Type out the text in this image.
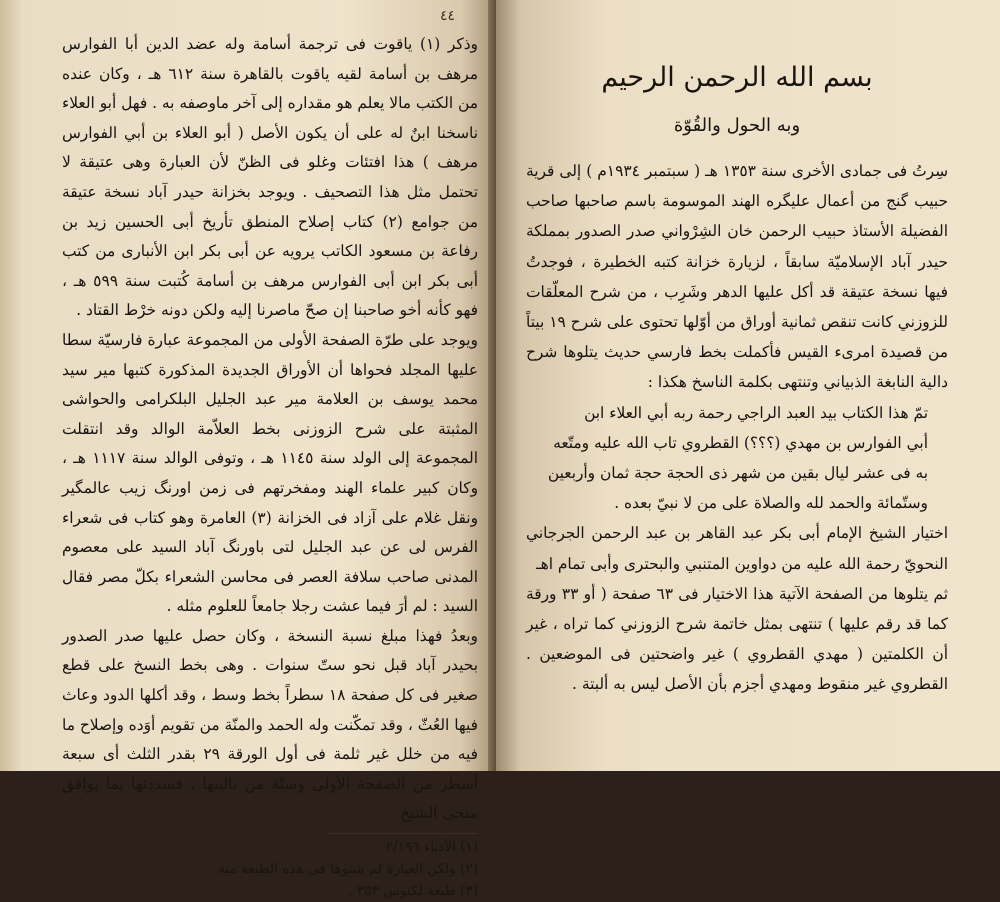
٤٤

وذكر (١) ياقوت فى ترجمة أسامة وله عضد الدين أبا الفوارس مرهف بن أسامة لقيه ياقوت بالقاهرة سنة ٦١٢ هـ ، وكان عنده من الكتب مالا يعلم هو مقداره إلى آخر ماوصفه به . فهل أبو العلاء ناسخنا ابنٌ له على أن يكون الأصل ( أبو العلاء بن أبي الفوارس مرهف ) هذا افتئات وغلو فى الظنّ لأن العبارة وهى عتيقة لا تحتمل مثل هذا التصحيف . ويوجد بخزانة حيدر آباد نسخة عتيقة من جوامع (٢) كتاب إصلاح المنطق تأريخ أبى الحسين زيد بن رفاعة بن مسعود الكاتب يرويه عن أبى بكر ابن الأنبارى من كتب أبى بكر ابن أبى الفوارس مرهف بن أسامة كُتبت سنة ٥٩٩ هـ ، فهو كأنه أخو صاحبنا إن صحّ ماصرنا إليه ولكن دونه خرْط القتاد .

ويوجد على طرّة الصفحة الأولى من المجموعة عبارة فارسيّة سطا عليها المجلد فحواها أن الأوراق الجديدة المذكورة كتبها مير سيد محمد يوسف بن العلامة مير عبد الجليل البلكرامى والحواشى المثبتة على شرح الزوزنى بخط العلاّمة الوالد وقد انتقلت المجموعة إلى الولد سنة ١١٤٥ هـ ، وتوفى الوالد سنة ١١١٧ هـ ، وكان كبير علماء الهند ومفخرتهم فى زمن اورنگ زيب عالمگير ونقل غلام على آزاد فى الخزانة (٣) العامرة وهو كتاب فى شعراء الفرس لى عن عبد الجليل لتى باورنگ آباد السيد على معصوم المدنى صاحب سلافة العصر فى محاسن الشعراء بكلّ مصر فقال السيد : لم أرَ فيما عشت رجلا جامعاً للعلوم مثله .

وبعدُ فهذا مبلغ نسبة النسخة ، وكان حصل عليها صدر الصدور بحيدر آباد قبل نحو ستّ سنوات . وهى بخط النسخ على قطع صغير فى كل صفحة ١٨ سطراً بخط وسط ، وقد أكلها الدود وعاث فيها العُثّ ، وقد تمكّنت وله الحمد والمنّة من تقويم أوَده وإصلاح ما فيه من خلل غير ثلمة فى أول الورقة ٢٩ بقدر الثلث أى سبعة أسطر من الصفحة الأولى وستّة من تاليتها ، فسددتها بما يوافق منحى الشيخ

(١) الأدباء ٢/١٩٦

(٢) ولكن العبارة لم يثبتوها فى هذه الطبعة منه .

(٣) طبعة لكنوس ٣٥٣ .

بسم الله الرحمن الرحيم
وبه الحول والقُوّة

سِرتُ فى جمادى الأخرى سنة ١٣٥٣ هـ ( سبتمبر ١٩٣٤م ) إلى قرية حبيب گنج من أعمال عليگره الهند الموسومة باسم صاحبها صاحب الفضيلة الأستاذ حبيب الرحمن خان الشِرْواني صدر الصدور بمملكة حيدر آباد الإسلاميّة سابقاً ، لزيارة خزانة كتبه الخطيرة ، فوجدتُ فيها نسخة عتيقة قد أكل عليها الدهر وشَرِب ، من شرح المعلّقات للزوزني كانت تنقص ثمانية أوراق من أوّلها تحتوى على شرح ١٩ بيتاً من قصيدة امرىء القيس فأكملت بخط فارسي حديث يتلوها شرح دالية النابغة الذبياني وتنتهى بكلمة الناسخ هكذا :

تمّ هذا الكتاب بيد العبد الراجي رحمة ربه أبي العلاء ابن
أبي الفوارس بن مهدي (؟؟؟) القطروي تاب الله عليه ومتّعه
به فى عشر ليال بقين من شهر ذى الحجة حجة ثمان وأربعين
وستّمائة والحمد لله والصلاة على من لا نبيّ بعده .

اختيار الشيخ الإمام أبى بكر عبد القاهر بن عبد الرحمن الجرجاني النحويّ رحمة الله عليه من دواوين المتنبي والبحترى وأبى تمام اهـ

ثم يتلوها من الصفحة الآتية هذا الاختيار فى ٦٣ صفحة ( أو ٣٣ ورقة كما قد رقم عليها ) تنتهى بمثل خاتمة شرح الزوزني كما تراه ، غير أن الكلمتين ( مهدي القطروي ) غير واضحتين فى الموضعين . القطروي غير منقوط ومهدي أجزم بأن الأصل ليس به ألبتة .
